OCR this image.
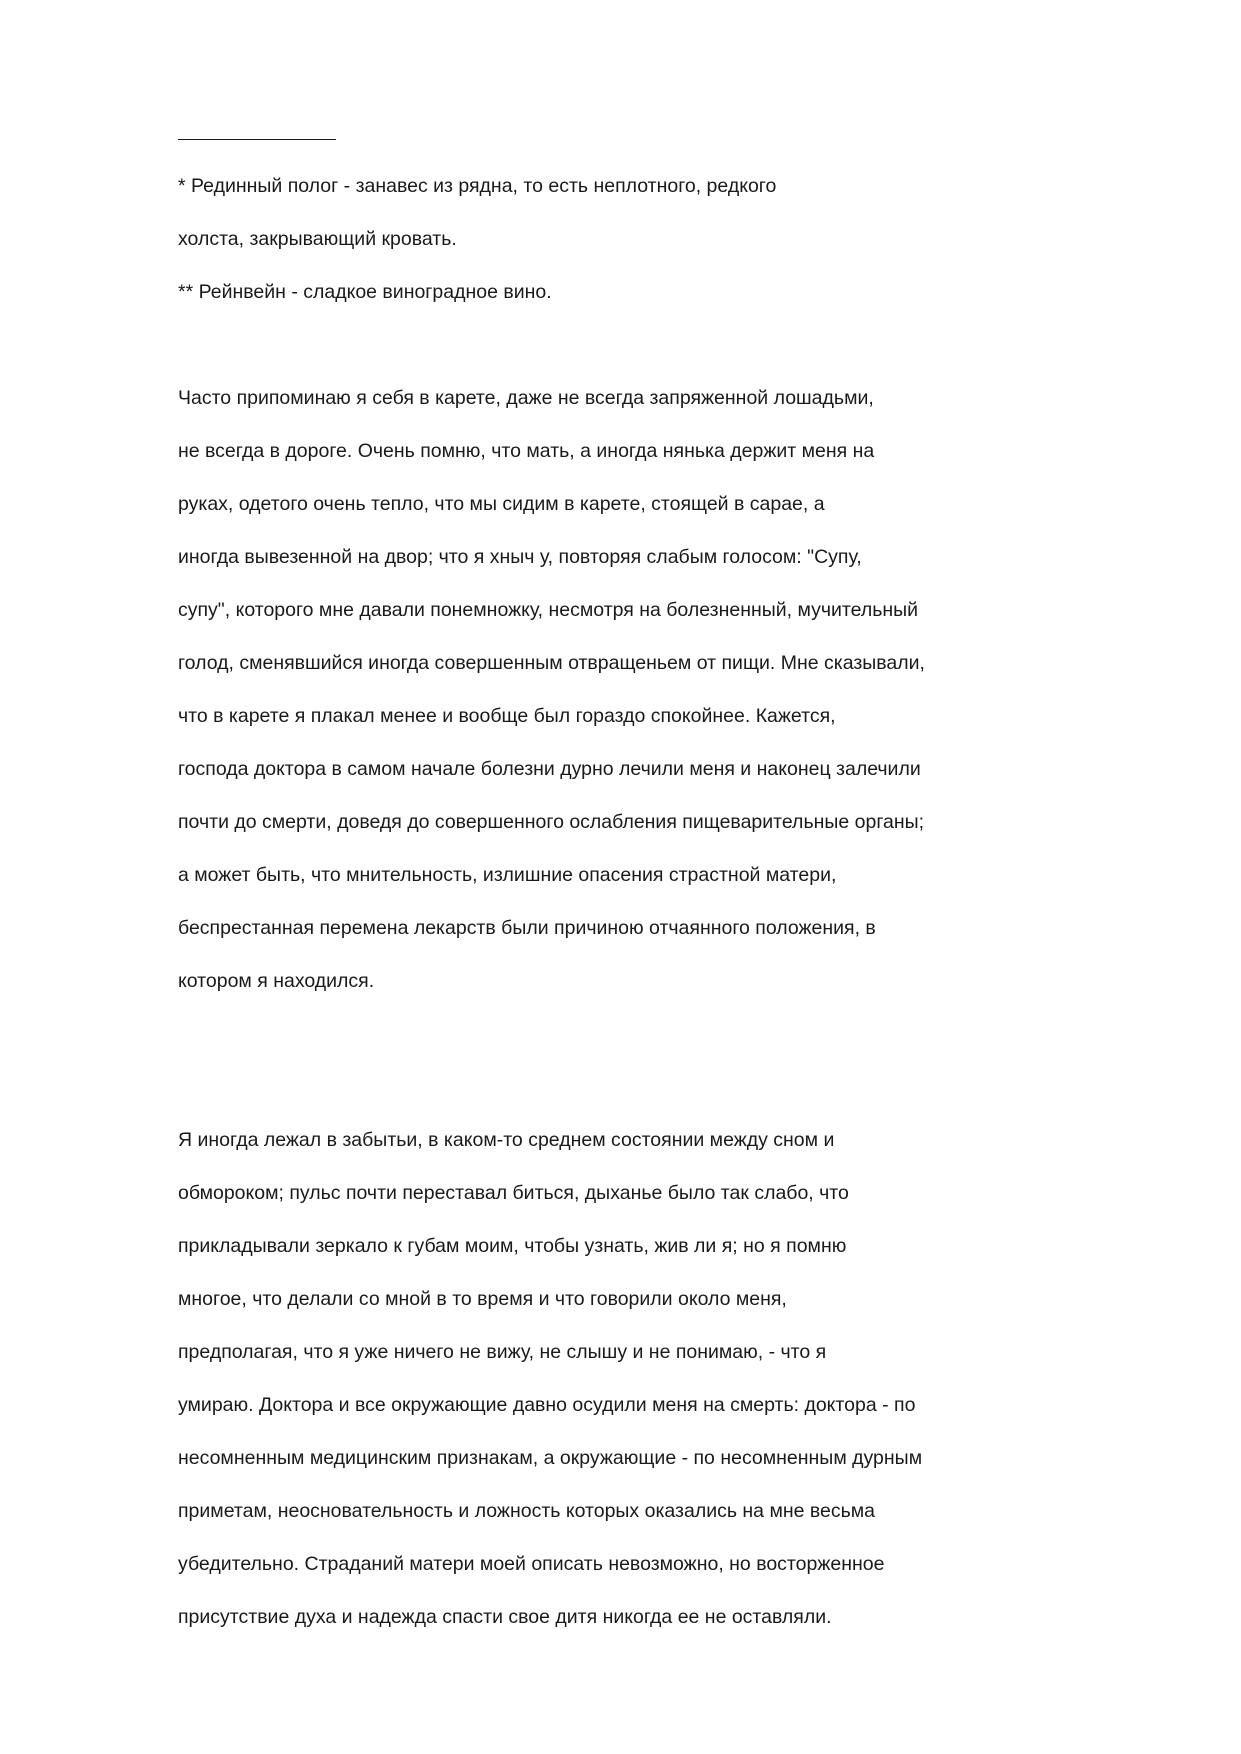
* Рединный полог - занавес из рядна, то есть неплотного, редкого

холста, закрывающий кровать.

** Рейнвейн - сладкое виноградное вино.

Часто припоминаю я себя в карете, даже не всегда запряженной лошадьми,

не всегда в дороге. Очень помню, что мать, а иногда нянька держит меня на

руках, одетого очень тепло, что мы сидим в карете, стоящей в сарае, а

иногда вывезенной на двор; что я хныч у, повторяя слабым голосом: "Супу,

супу", которого мне давали понемножку, несмотря на болезненный, мучительный

голод, сменявшийся иногда совершенным отвращеньем от пищи. Мне сказывали,

что в карете я плакал менее и вообще был гораздо спокойнее. Кажется,

господа доктора в самом начале болезни дурно лечили меня и наконец залечили

почти до смерти, доведя до совершенного ослабления пищеварительные органы;

а может быть, что мнительность, излишние опасения страстной матери,

беспрестанная перемена лекарств были причиною отчаянного положения, в

котором я находился.

Я иногда лежал в забытьи, в каком-то среднем состоянии между сном и

обмороком; пульс почти переставал биться, дыханье было так слабо, что

прикладывали зеркало к губам моим, чтобы узнать, жив ли я; но я помню

многое, что делали со мной в то время и что говорили около меня,

предполагая, что я уже ничего не вижу, не слышу и не понимаю, - что я

умираю. Доктора и все окружающие давно осудили меня на смерть: доктора - по

несомненным медицинским признакам, а окружающие - по несомненным дурным

приметам, неосновательность и ложность которых оказались на мне весьма

убедительно. Страданий матери моей описать невозможно, но восторженное

присутствие духа и надежда спасти свое дитя никогда ее не оставляли.
